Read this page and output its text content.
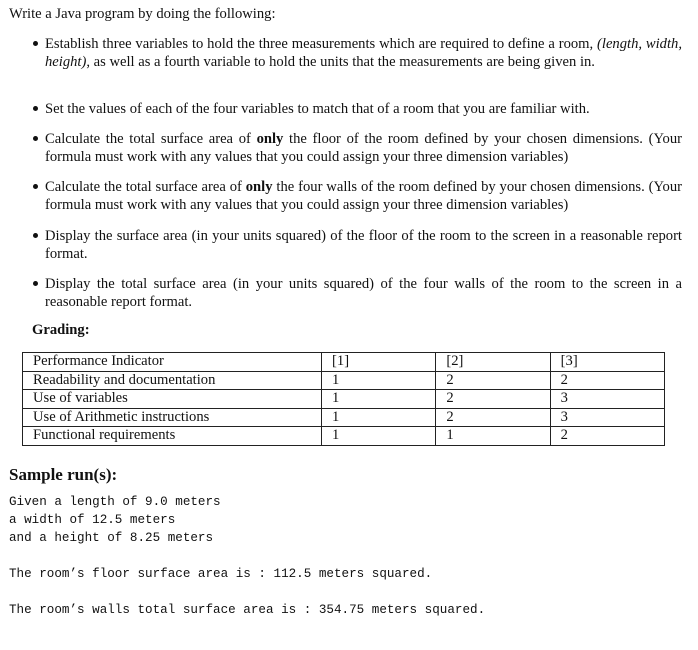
Write a Java program by doing the following:
Establish three variables to hold the three measurements which are required to define a room, (length, width, height), as well as a fourth variable to hold the units that the measurements are being given in.
Set the values of each of the four variables to match that of a room that you are familiar with.
Calculate the total surface area of only the floor of the room defined by your chosen dimensions. (Your formula must work with any values that you could assign your three dimension variables)
Calculate the total surface area of only the four walls of the room defined by your chosen dimensions. (Your formula must work with any values that you could assign your three dimension variables)
Display the surface area (in your units squared) of the floor of the room to the screen in a reasonable report format.
Display the total surface area (in your units squared) of the four walls of the room to the screen in a reasonable report format.
Grading:
Performance Indicator	[1]	[2]	[3]
Readability and documentation	1	2	2
Use of variables	1	2	3
Use of Arithmetic instructions	1	2	3
Functional requirements	1	1	2
Sample run(s):
Given a length of 9.0 meters
a width of 12.5 meters
and a height of 8.25 meters
The room’s floor surface area is : 112.5 meters squared.
The room’s walls total surface area is : 354.75 meters squared.
